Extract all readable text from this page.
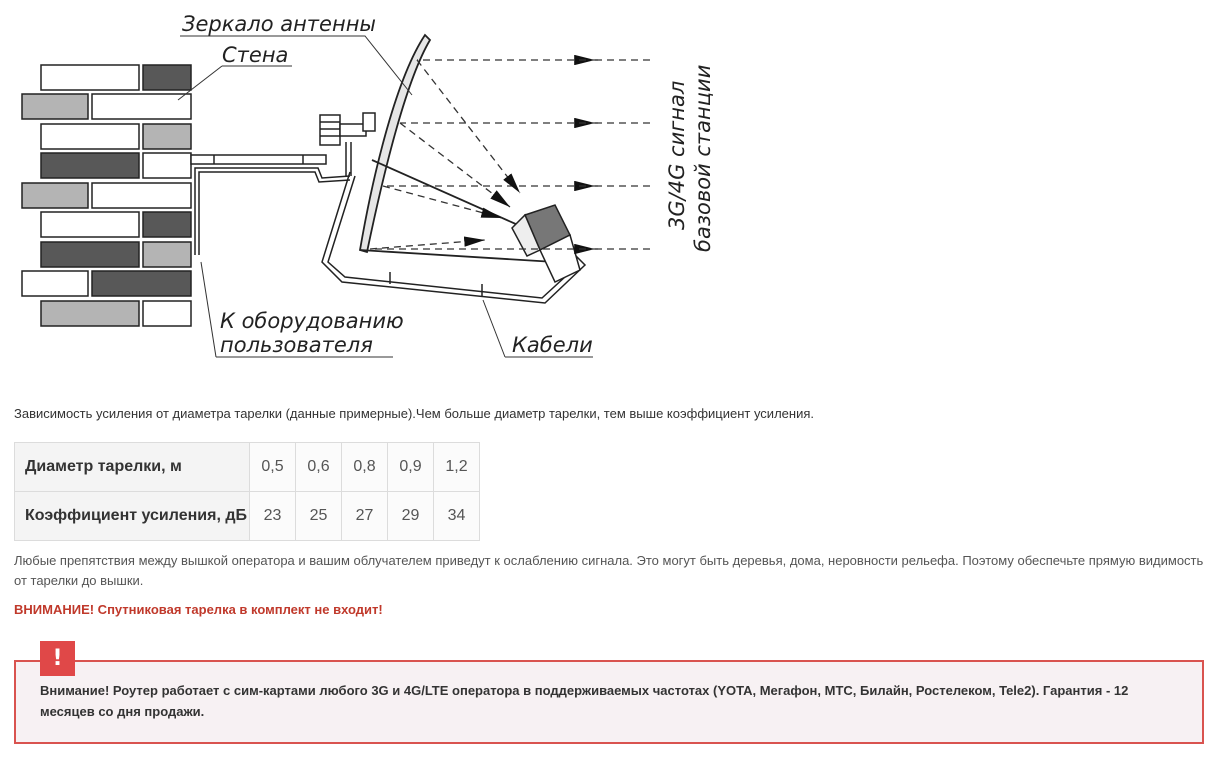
Зеркало антенны
Стена
К оборудованию
пользователя	Кабели
3G/4G сигнал базовой станции
Зависимость усиления от диаметра тарелки (данные примерные).Чем больше диаметр тарелки, тем выше коэффициент усиления.
Диаметр тарелки, м	0,5	0,6	0,8	0,9	1,2
Коэффициент усиления, дБ	23	25	27	29	34
Любые препятствия между вышкой оператора и вашим облучателем приведут к ослаблению сигнала. Это могут быть деревья, дома, неровности рельефа. Поэтому обеспечьте прямую видимость от тарелки до вышки.
ВНИМАНИЕ! Спутниковая тарелка в комплект не входит!
!
Внимание! Роутер работает с сим-картами любого 3G и 4G/LTE оператора в поддерживаемых частотах (YOTA, Мегафон, МТС, Билайн, Ростелеком, Tele2). Гарантия - 12 месяцев со дня продажи.
